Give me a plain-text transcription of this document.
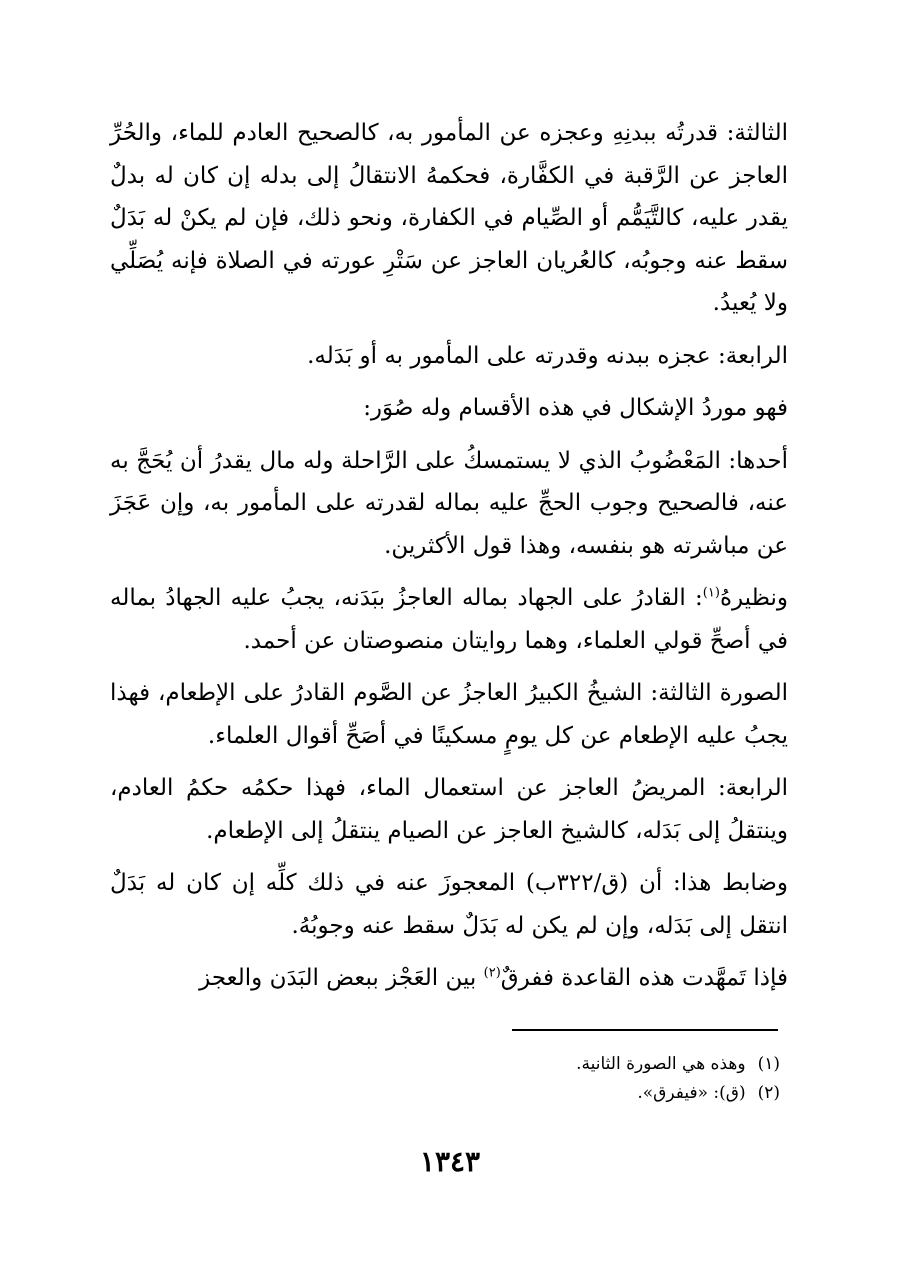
الثالثة: قدرتُه ببدنِهِ وعجزه عن المأمور به، كالصحيح العادم للماء، والحُرِّ العاجز عن الرَّقبة في الكفَّارة، فحكمهُ الانتقالُ إلى بدله إن كان له بدلٌ يقدر عليه، كالتَّيَمُّم أو الصِّيام في الكفارة، ونحو ذلك، فإن لم يكنْ له بَدَلٌ سقط عنه وجوبُه، كالعُريان العاجز عن سَتْرِ عورته في الصلاة فإنه يُصَلِّي ولا يُعيدُ.

الرابعة: عجزه ببدنه وقدرته على المأمور به أو بَدَله.

فهو موردُ الإشكال في هذه الأقسام وله صُوَر:

أحدها: المَعْضُوبُ الذي لا يستمسكُ على الرَّاحلة وله مال يقدرُ أن يُحَجَّ به عنه، فالصحيح وجوب الحجِّ عليه بماله لقدرته على المأمور به، وإن عَجَزَ عن مباشرته هو بنفسه، وهذا قول الأكثرين.

ونظيرهُ$^{(١)}$: القادرُ على الجهاد بماله العاجزُ ببَدَنه، يجبُ عليه الجهادُ بماله في أصحِّ قولي العلماء، وهما روايتان منصوصتان عن أحمد.

الصورة الثالثة: الشيخُ الكبيرُ العاجزُ عن الصَّوم القادرُ على الإطعام، فهذا يجبُ عليه الإطعام عن كل يومٍ مسكينًا في أصَحِّ أقوال العلماء.

الرابعة: المريضُ العاجز عن استعمال الماء، فهذا حكمُه حكمُ العادم، وينتقلُ إلى بَدَله، كالشيخ العاجز عن الصيام ينتقلُ إلى الإطعام.

وضابط هذا: أن (ق/٣٢٢ب) المعجوزَ عنه في ذلك كلِّه إن كان له بَدَلٌ انتقل إلى بَدَله، وإن لم يكن له بَدَلٌ سقط عنه وجوبُهُ.

فإذا تَمهَّدت هذه القاعدة ففرقٌ$^{(٢)}$ بين العَجْز ببعض البَدَن والعجز

(١)وهذه هي الصورة الثانية.

(٢)(ق): «فيفرق».

١٣٤٣
